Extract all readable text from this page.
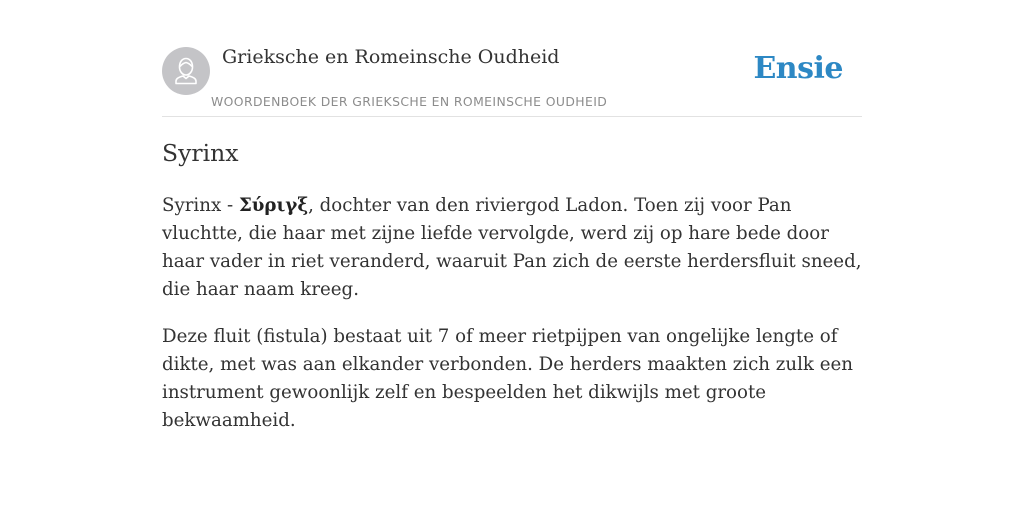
Grieksche en Romeinsche Oudheid
WOORDENBOEK DER GRIEKSCHE EN ROMEINSCHE OUDHEID
Ensie
Syrinx

Syrinx - Σύριγξ, dochter van den riviergod Ladon. Toen zij voor Pan vluchtte, die haar met zijne liefde vervolgde, werd zij op hare bede door haar vader in riet veranderd, waaruit Pan zich de eerste herdersfluit sneed, die haar naam kreeg.

Deze fluit (fistula) bestaat uit 7 of meer rietpijpen van ongelijke lengte of dikte, met was aan elkander verbonden. De herders maakten zich zulk een instrument gewoonlijk zelf en bespeelden het dikwijls met groote bekwaamheid.
